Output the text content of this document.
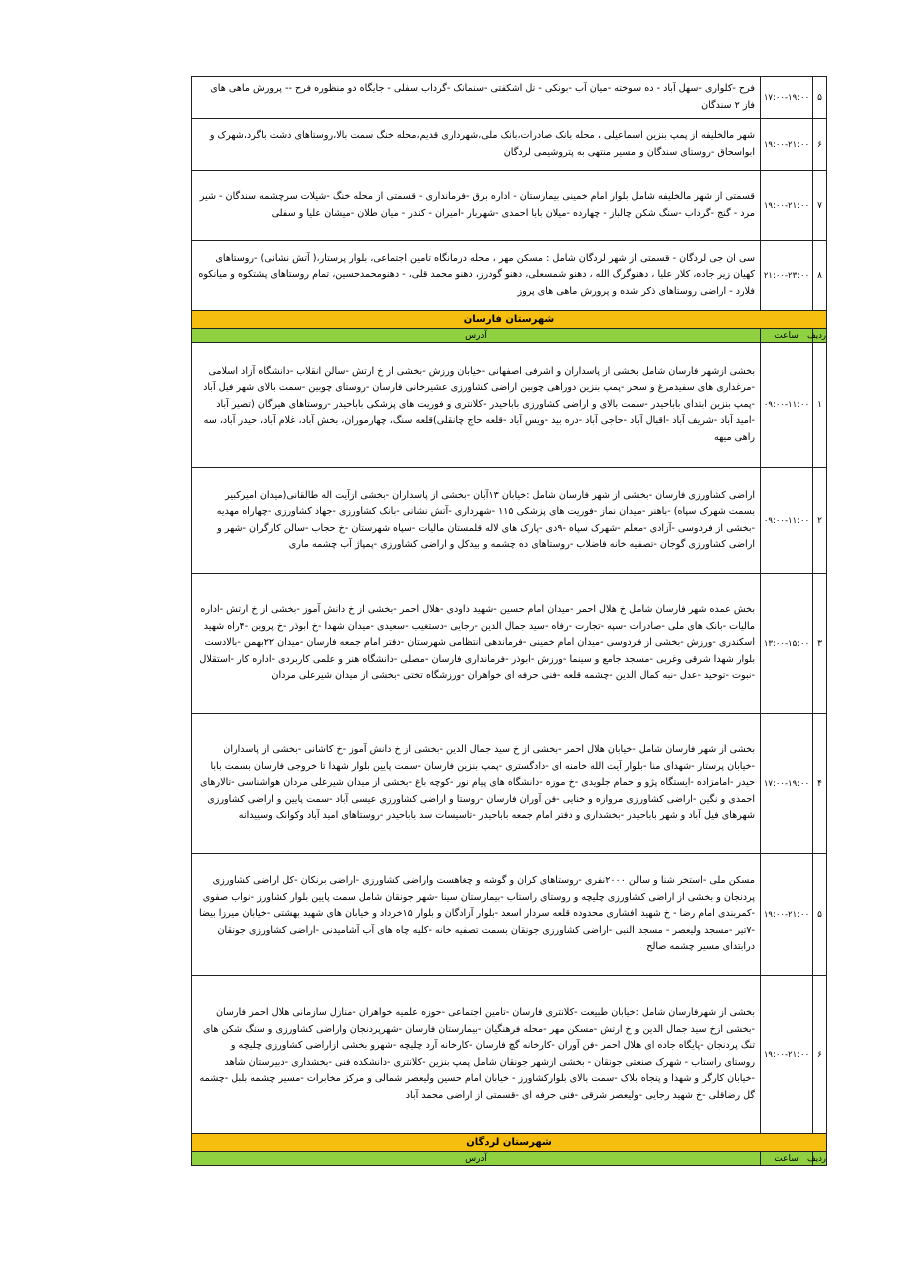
۵	۱۷:۰۰-۱۹:۰۰	فرح -کلواری -سهل آباد - ده سوخته -میان آب -بونکی - تل اشکفتی -سنمانک -گرداب سفلی - جایگاه دو منظوره فرح -- پرورش ماهی های فاز ۲ سندگان
۶	۱۹:۰۰-۲۱:۰۰	شهر مالخلیفه از پمپ بنزین اسماعیلی ، محله بانک صادرات،بانک ملی،شهرداری قدیم،محله خنگ سمت بالا،روستاهای دشت باگرد،شهرک و ابواسحاق -روستای سندگان و مسیر منتهی به پتروشیمی لردگان
۷	۱۹:۰۰-۲۱:۰۰	قسمتی از شهر مالخلیفه شامل بلوار امام خمینی بیمارستان - اداره برق -فرمانداری - قسمتی از محله خنگ -شیلات سرچشمه سندگان - شیر مرد - گنج -گرداب -سنگ شکن چالباز - چهارده -میلان بابا احمدی -شهربار -امیران - کندر - میان طلان -میشان علیا و سفلی
۸	۲۱:۰۰-۲۳:۰۰	سی ان جی لردگان - قسمتی از شهر لردگان شامل : مسکن مهر ، محله درمانگاه تامین اجتماعی، بلوار پرستار،( آتش نشانی) -روستاهای کهیان زیر جاده، کلار علیا ، دهنوگرگ الله ، دهنو شمسعلی، دهنو گودرز، دهنو محمد قلی، - دهنومحمدحسین، تمام روستاهای پشتکوه و میانکوه فلارد - اراضی روستاهای ذکر شده و پرورش ماهی های پروز
شهرستان فارسان		
ردیف	ساعت	آدرس
۱	۰۹:۰۰-۱۱:۰۰	بخشی ازشهر فارسان شامل بخشی از پاسداران و اشرفی اصفهانی -خیابان ورزش -بخشی از خ ارتش -سالن انقلاب -دانشگاه آزاد اسلامی -مرغداری های سفیدمرغ و سحر -پمپ بنزین دوراهی چوبین اراضی کشاورزی عشیرخانی فارسان -روستای چوبین -سمت بالای شهر فیل آباد -پمپ بنزین ابتدای باباحیدر -سمت بالای و اراضی کشاورزی باباحیدر -کلانتری و فوریت های پزشکی باباحیدر -روستاهای هیرگان (تصیر آباد -امید آباد -شریف آباد -اقبال آباد -حاجی آباد -دره بید -ویس آباد -قلعه حاج چانقلی)قلعه سنگ، چهارموران، بخش آباد، غلام آباد، حیدر آباد، سه راهی میهه
۲	۰۹:۰۰-۱۱:۰۰	اراضی کشاورزی فارسان -بخشی از شهر فارسان شامل :خیابان ۱۳آبان -بخشی از پاسداران -بخشی ازآیت اله طالقانی(میدان امیرکبیر بسمت شهرک سپاه) -باهنر -میدان نماز -فوریت های پزشکی ۱۱۵ -شهرداری -آتش نشانی -بانک کشاورزی -جهاد کشاورزی -چهاراه مهدیه -بخشی از فردوسی -آزادی -معلم -شهرک سپاه -۹دی -پارک های لاله قلمستان مالیات -سپاه شهرستان -خ حجاب -سالن کارگران -شهر و اراضی کشاورزی گوجان -تصفیه خانه فاضلاب -روستاهای ده چشمه و بیدکل و اراضی کشاورزی -پمپاژ آب چشمه ماری
۳	۱۳:۰۰-۱۵:۰۰	بخش عمده شهر فارسان شامل خ هلال احمر -میدان امام حسین -شهید داودی -هلال احمر -بخشی از خ دانش آموز -بخشی از خ ارتش -اداره مالیات -بانک های ملی -صادرات -سپه -تجارت -رفاه -سید جمال الدین -رجایی -دستغیب -سعیدی -میدان شهدا -خ ابوذر -خ پروین -۴راه شهید اسکندری -ورزش -بخشی از فردوسی -میدان امام خمینی -فرماندهی انتظامی شهرستان -دفتر امام جمعه فارسان -میدان ۲۲بهمن -بالادست بلوار شهدا شرقی وغربی -مسجد جامع و سینما -ورزش -ابوذر -فرمانداری فارسان -مصلی -دانشگاه هنر و علمی کاربردی -اداره کار -استقلال -نبوت -توحید -عدل -نبه کمال الدین -چشمه قلعه -فنی حرفه ای خواهران -ورزشگاه تختی -بخشی از میدان شیرعلی مردان
۴	۱۷:۰۰-۱۹:۰۰	بخشی از شهر فارسان شامل -خیابان هلال احمر -بخشی از خ سید جمال الدین -بخشی از خ دانش آموز -خ کاشانی -بخشی از پاسداران -خیابان پرستار -شهدای منا -بلوار آیت الله خامنه ای -دادگستری -پمپ بنزین فارسان -سمت پایین بلوار شهدا تا خروجی فارسان بسمت بابا حیدر -امامزاده -ایستگاه پژو و حمام جلویدی -خ موزه -دانشگاه های پیام نور -کوچه باغ -بخشی از میدان شیرعلی مردان هواشناسی -تالارهای احمدی و نگین -اراضی کشاورزی مروازه و خنایی -فن آوران فارسان -روستا و اراضی کشاورزی عیسی آباد -سمت پایین و اراضی کشاورزی شهرهای فیل آباد و شهر باباحیدر -بخشداری و دفتر امام جمعه باباحیدر -تاسیسات سد باباحیدر -روستاهای امید آباد وکوانک وسییدانه
۵	۱۹:۰۰-۲۱:۰۰	مسکن ملی -استخر شنا و سالن ۲۰۰۰نفری -روستاهای کران و گوشه و چغاهست واراضی کشاورزی -اراضی برنکان -کل اراضی کشاورزی پردنجان و بخشی از اراضی کشاورزی چلیچه و روستای راستاب -بیمارستان سینا -شهر جونقان شامل سمت پایین بلوار کشاورز -نواب صفوی -کمربندی امام رضا - خ شهید افشاری محدوده قلعه سردار اسعد -بلوار آزادگان و بلوار ۱۵خرداد و خیابان های شهید بهشتی -خیابان میرزا بیضا -۷تیر -مسجد ولیعصر - مسجد النبی -اراضی کشاورزی جونقان بسمت تصفیه خانه -کلیه چاه های آب آشامیدنی -اراضی کشاورزی جونقان درابتدای مسیر چشمه صالح
۶	۱۹:۰۰-۲۱:۰۰	بخشی از شهرفارسان شامل :خیابان طبیعت -کلانتری فارسان -تامین اجتماعی -حوزه علمیه خواهران -منازل سازمانی هلال احمر فارسان -بخشی ازخ سید جمال الدین و خ ارتش -مسکن مهر -محله فرهنگیان -بیمارستان فارسان -شهرپردنجان واراضی کشاورزی و سنگ شکن های تنگ پردنجان -پایگاه جاده ای هلال احمر -فن آوران -کارخانه گچ فارسان -کارخانه آرد چلیچه -شهرو بخشی ازاراضی کشاورزی چلیچه و روستای راستاب - شهرک صنعتی جونقان - بخشی ازشهر جونقان شامل پمپ بنزین -کلانتری -دانشکده فنی -بخشداری -دبیرستان شاهد -خیابان کارگر و شهدا و پنجاه بلاک -سمت بالای بلوارکشاورز - خیابان امام حسین ولیعصر شمالی و مرکز مخابرات -مسیر چشمه بلبل -چشمه گل رضاقلی -خ شهید رجایی -ولیعصر شرقی -فنی حرفه ای -قسمتی از اراضی محمد آباد
شهرستان لردگان		
ردیف	ساعت	آدرس
